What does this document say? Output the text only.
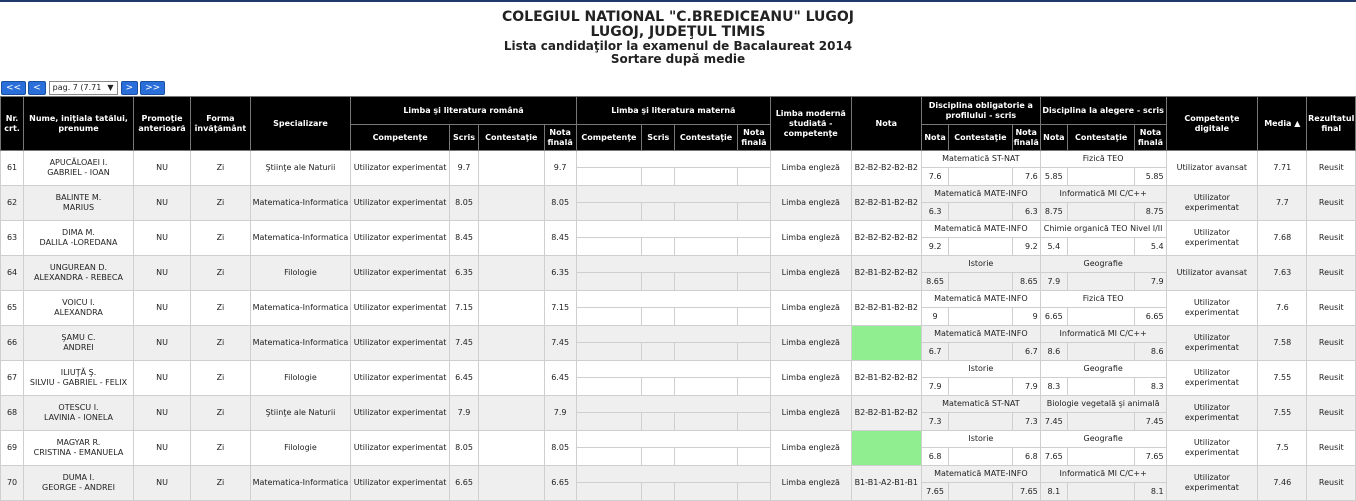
COLEGIUL NATIONAL "C.BREDICEANU" LUGOJ
LUGOJ, JUDEŢUL TIMIS
Lista candidaţilor la examenul de Bacalaureat 2014
Sortare după medie
<<	<	pag. 7 (7.71 ▼	>	>>
Nr. crt.	Nume, iniţiala tatălui, prenume	Promoţie anterioară	Forma învăţământ	Specializare	Limba şi literatura română				Limba şi literatura maternă				Limba modernă studiată - competenţe	Nota	Disciplina obligatorie a profilului - scris			Disciplina la alegere - scris			Competenţe digitale	Media ▲	Rezultatul final
					Competenţe	Scris	Contestaţie	Nota finală	Competenţe	Scris	Contestaţie	Nota finală			Nota	Contestaţie	Nota finală	Nota	Contestaţie	Nota finală			
61	APUCĂLOAEI I.
GABRIEL - IOAN	NU	Zi	Ştiinţe ale Naturii	Utilizator experimentat	9.7		9.7					Limba engleză	B2-B2-B2-B2-B2	Matematică ST-NAT			Fizică TEO			Utilizator avansat	7.71	Reusit
															7.6		7.6	5.85		5.85			
62	BALINTE M.
MARIUS	NU	Zi	Matematica-Informatica	Utilizator experimentat	8.05		8.05					Limba engleză	B2-B2-B1-B2-B2	Matematică MATE-INFO			Informatică MI C/C++			Utilizator experimentat	7.7	Reusit
															6.3		6.3	8.75		8.75			
63	DIMA M.
DALILA -LOREDANA	NU	Zi	Matematica-Informatica	Utilizator experimentat	8.45		8.45					Limba engleză	B2-B2-B2-B2-B2	Matematică MATE-INFO			Chimie organică TEO Nivel I/II			Utilizator experimentat	7.68	Reusit
															9.2		9.2	5.4		5.4			
64	UNGUREAN D.
ALEXANDRA - REBECA	NU	Zi	Filologie	Utilizator experimentat	6.35		6.35					Limba engleză	B2-B1-B2-B2-B2	Istorie			Geografie			Utilizator avansat	7.63	Reusit
															8.65		8.65	7.9		7.9			
65	VOICU I.
ALEXANDRA	NU	Zi	Matematica-Informatica	Utilizator experimentat	7.15		7.15					Limba engleză	B2-B2-B1-B2-B2	Matematică MATE-INFO			Fizică TEO			Utilizator experimentat	7.6	Reusit
															9		9	6.65		6.65			
66	ŞAMU C.
ANDREI	NU	Zi	Matematica-Informatica	Utilizator experimentat	7.45		7.45					Limba engleză		Matematică MATE-INFO			Informatică MI C/C++			Utilizator experimentat	7.58	Reusit
															6.7		6.7	8.6		8.6			
67	ILIUŢĂ Ş.
SILVIU - GABRIEL - FELIX	NU	Zi	Filologie	Utilizator experimentat	6.45		6.45					Limba engleză	B2-B1-B2-B2-B2	Istorie			Geografie			Utilizator experimentat	7.55	Reusit
															7.9		7.9	8.3		8.3			
68	OTESCU I.
LAVINIA - IONELA	NU	Zi	Ştiinţe ale Naturii	Utilizator experimentat	7.9		7.9					Limba engleză	B2-B2-B1-B2-B2	Matematică ST-NAT			Biologie vegetală şi animală			Utilizator experimentat	7.55	Reusit
															7.3		7.3	7.45		7.45			
69	MAGYAR R.
CRISTINA - EMANUELA	NU	Zi	Filologie	Utilizator experimentat	8.05		8.05					Limba engleză		Istorie			Geografie			Utilizator experimentat	7.5	Reusit
															6.8		6.8	7.65		7.65			
70	DUMA I.
GEORGE - ANDREI	NU	Zi	Matematica-Informatica	Utilizator experimentat	6.65		6.65					Limba engleză	B1-B1-A2-B1-B1	Matematică MATE-INFO			Informatică MI C/C++			Utilizator experimentat	7.46	Reusit
															7.65		7.65	8.1		8.1			
